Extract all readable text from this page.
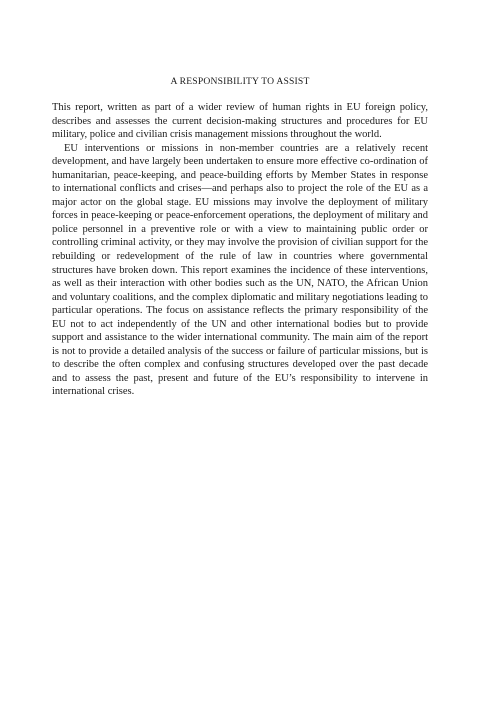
A RESPONSIBILITY TO ASSIST

This report, written as part of a wider review of human rights in EU foreign policy, describes and assesses the current decision-making structures and procedures for EU military, police and civilian crisis management missions throughout the world.

EU interventions or missions in non-member countries are a relatively recent development, and have largely been undertaken to ensure more effective co-ordination of humanitarian, peace-keeping, and peace-building efforts by Member States in response to international conflicts and crises—and perhaps also to project the role of the EU as a major actor on the global stage. EU missions may involve the deployment of military forces in peace-keeping or peace-enforcement operations, the deployment of military and police personnel in a preventive role or with a view to maintaining public order or controlling criminal activity, or they may involve the provision of civilian support for the rebuilding or redevelopment of the rule of law in countries where governmental structures have broken down. This report examines the incidence of these interventions, as well as their interaction with other bodies such as the UN, NATO, the African Union and voluntary coalitions, and the complex diplomatic and military negotiations leading to particular operations. The focus on assistance reflects the primary responsibility of the EU not to act independently of the UN and other international bodies but to provide support and assistance to the wider international community. The main aim of the report is not to provide a detailed analysis of the success or failure of particular missions, but is to describe the often complex and confusing structures developed over the past decade and to assess the past, present and future of the EU’s responsibility to intervene in international crises.
